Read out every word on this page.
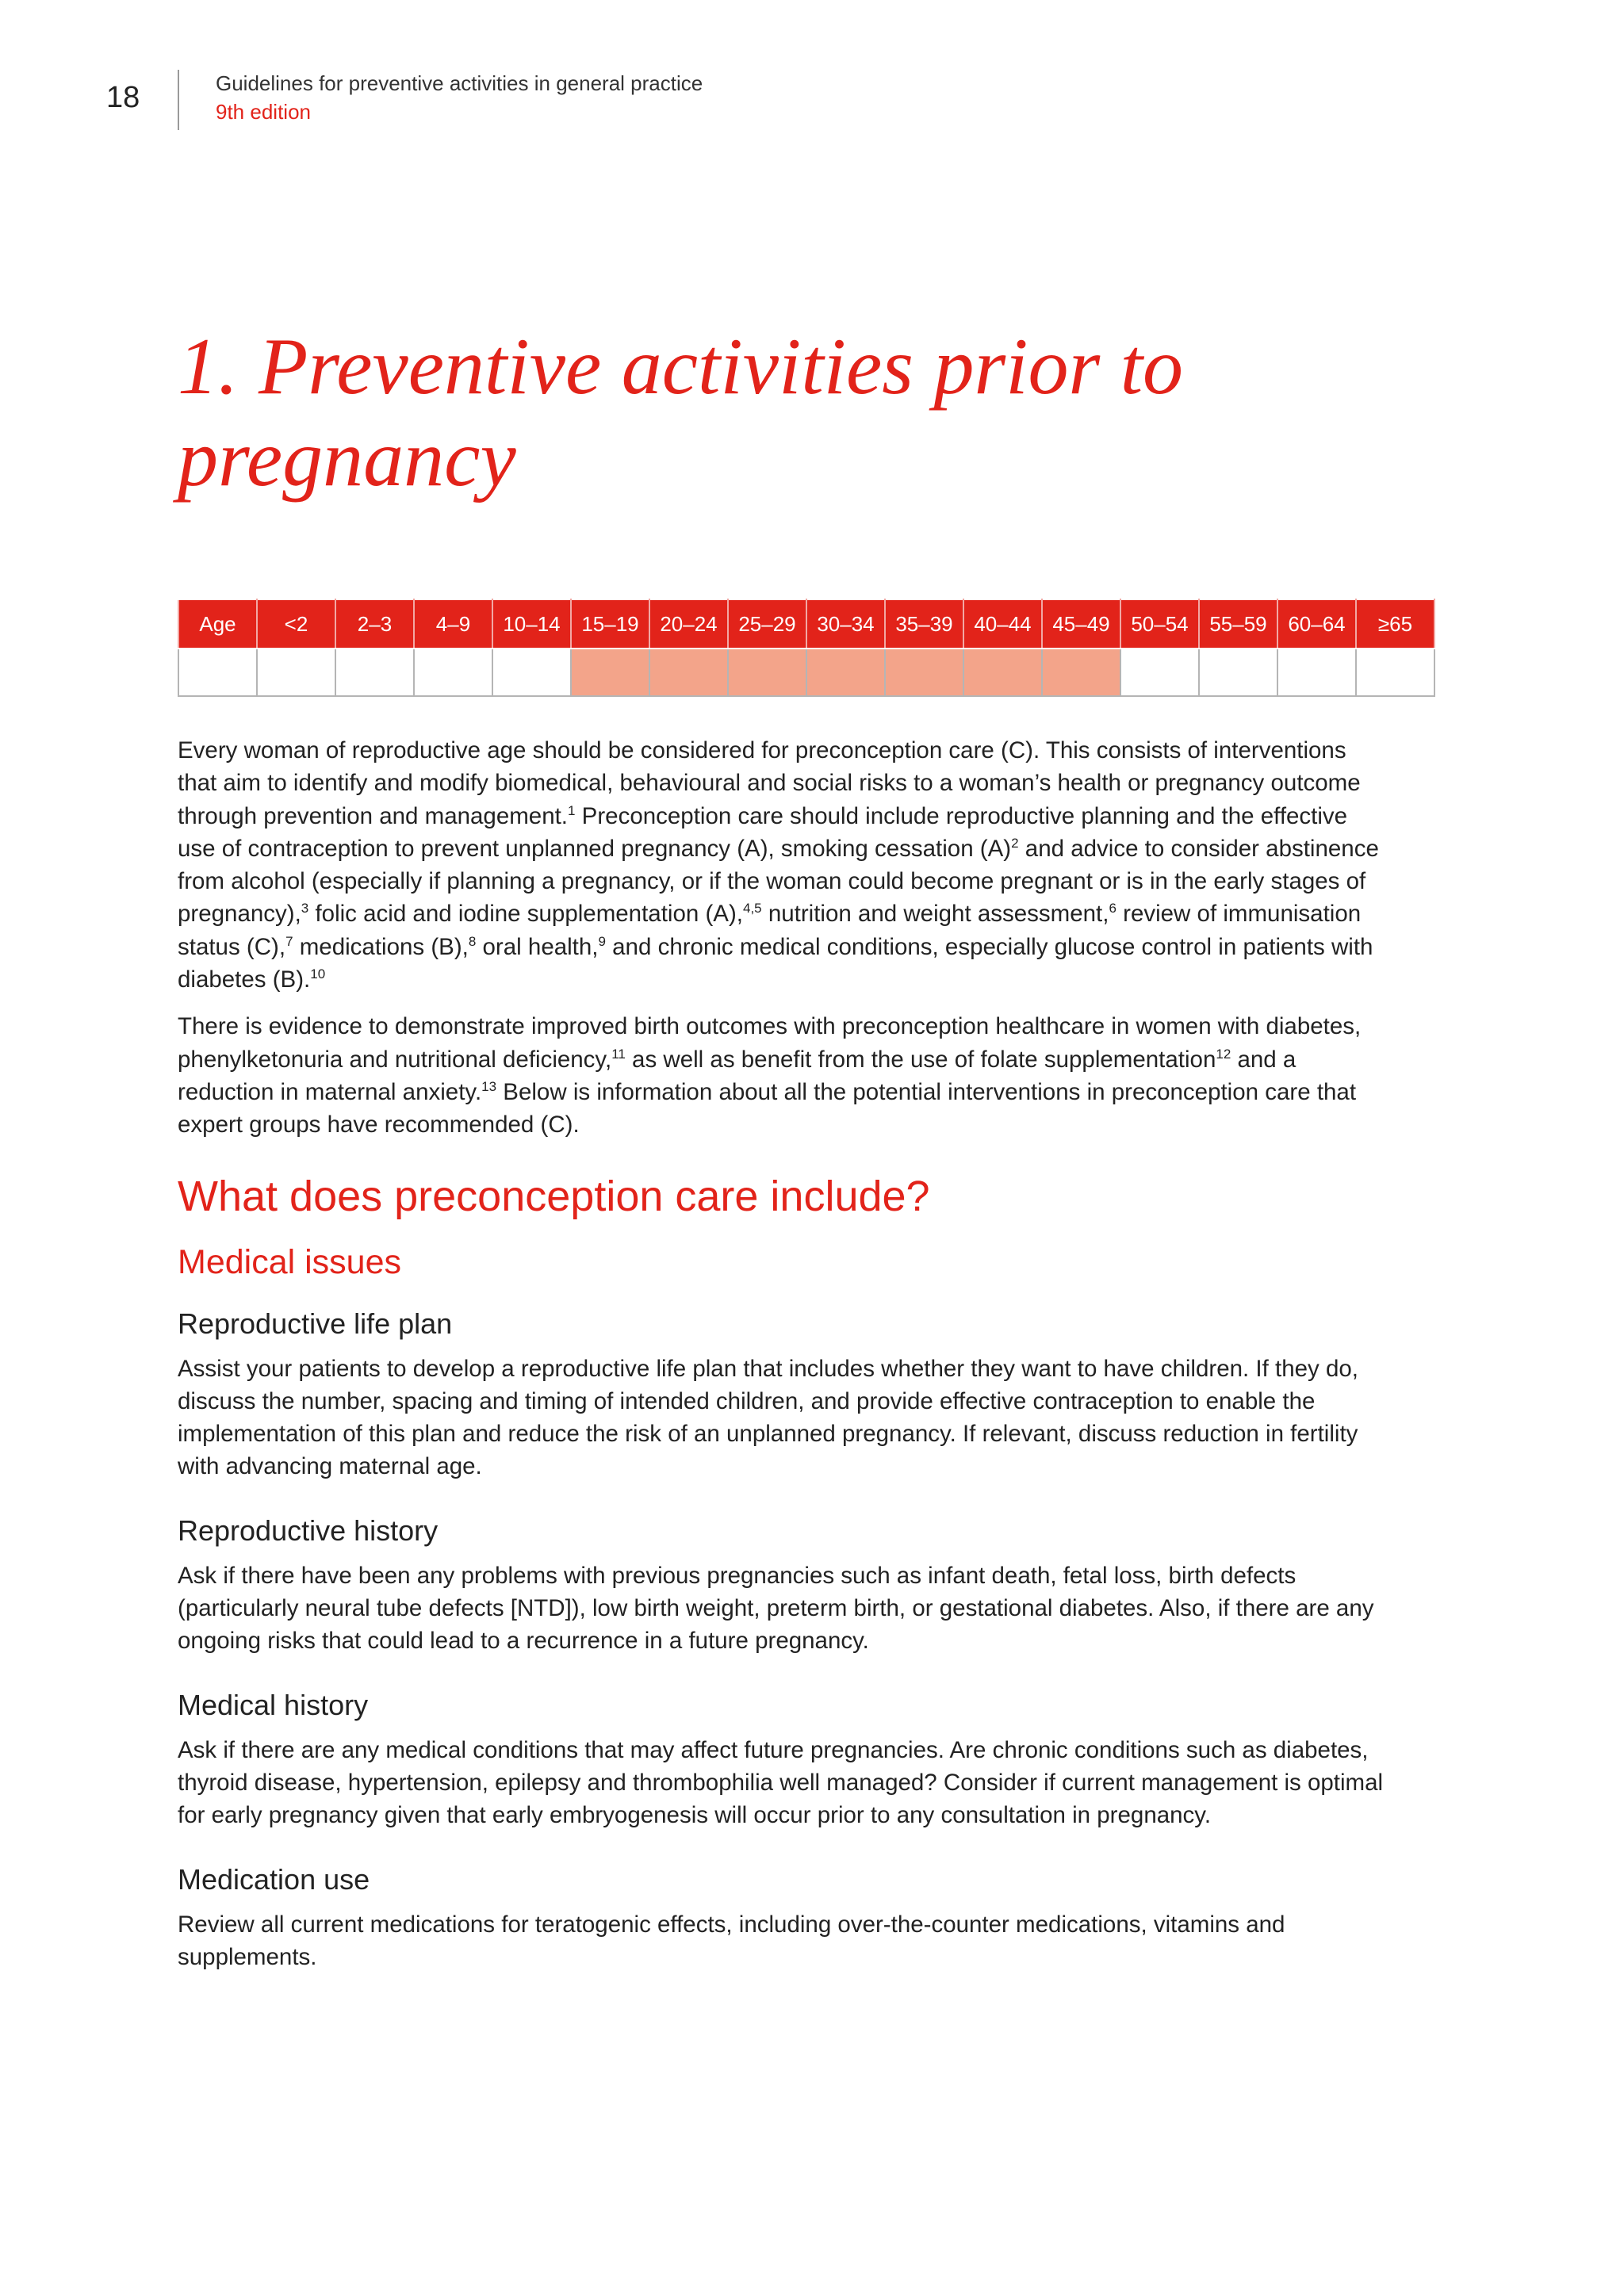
18	Guidelines for preventive activities in general practice
9th edition
1. Preventive activities prior to pregnancy
Age	<2	2–3	4–9	10–14	15–19	20–24	25–29	30–34	35–39	40–44	45–49	50–54	55–59	60–64	≥65

Every woman of reproductive age should be considered for preconception care (C). This consists of interventions that aim to identify and modify biomedical, behavioural and social risks to a woman’s health or pregnancy outcome through prevention and management.$^1$ Preconception care should include reproductive planning and the effective use of contraception to prevent unplanned pregnancy (A), smoking cessation $(A)^2$ and advice to consider abstinence from alcohol (especially if planning a pregnancy, or if the woman could become pregnant or is in the early stages of pregnancy),$^3$ folic acid and iodine supplementation (A),$^{4,5}$ nutrition and weight assessment,$^6$ review of immunisation status (C),$^7$ medications (B),$^8$ oral health,$^9$ and chronic medical conditions, especially glucose control in patients with diabetes (B).$^{10}$

There is evidence to demonstrate improved birth outcomes with preconception healthcare in women with diabetes, phenylketonuria and nutritional deficiency,$^{11}$ as well as benefit from the use of folate supplementation$^{12}$ and a reduction in maternal anxiety.$^{13}$ Below is information about all the potential interventions in preconception care that expert groups have recommended (C).

What does preconception care include?
Medical issues
Reproductive life plan

Assist your patients to develop a reproductive life plan that includes whether they want to have children. If they do, discuss the number, spacing and timing of intended children, and provide effective contraception to enable the implementation of this plan and reduce the risk of an unplanned pregnancy. If relevant, discuss reduction in fertility with advancing maternal age.

Reproductive history

Ask if there have been any problems with previous pregnancies such as infant death, fetal loss, birth defects (particularly neural tube defects [NTD]), low birth weight, preterm birth, or gestational diabetes. Also, if there are any ongoing risks that could lead to a recurrence in a future pregnancy.

Medical history

Ask if there are any medical conditions that may affect future pregnancies. Are chronic conditions such as diabetes, thyroid disease, hypertension, epilepsy and thrombophilia well managed? Consider if current management is optimal for early pregnancy given that early embryogenesis will occur prior to any consultation in pregnancy.

Medication use

Review all current medications for teratogenic effects, including over-the-counter medications, vitamins and supplements.
